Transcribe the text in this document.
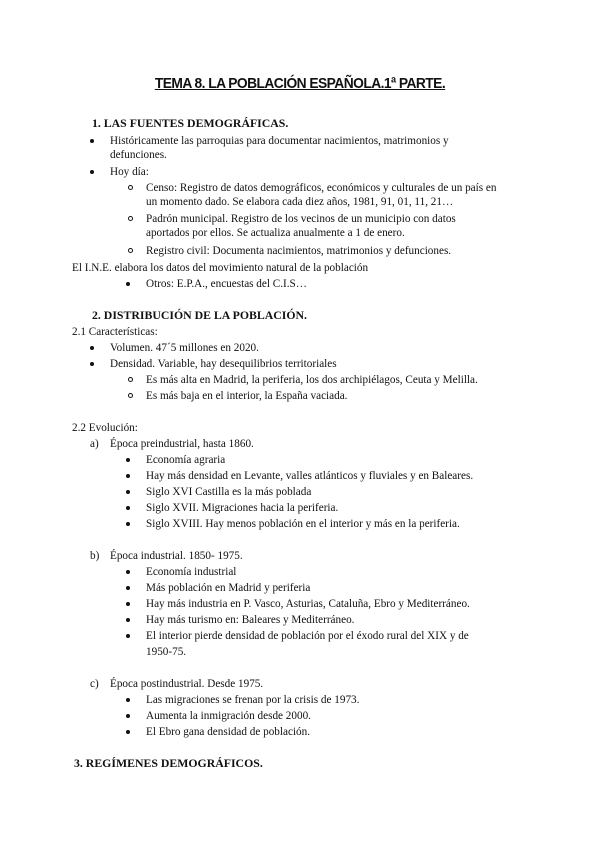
TEMA 8. LA POBLACIÓN ESPAÑOLA.1ª PARTE.
1. LAS FUENTES DEMOGRÁFICAS.
Históricamente las parroquias para documentar nacimientos, matrimonios y
defunciones.
Hoy día:
Censo: Registro de datos demográficos, económicos y culturales de un país en
un momento dado. Se elabora cada diez años, 1981, 91, 01, 11, 21…
Padrón municipal. Registro de los vecinos de un municipio con datos
aportados por ellos. Se actualiza anualmente a 1 de enero.
Registro civil: Documenta nacimientos, matrimonios y defunciones.
El I.N.E. elabora los datos del movimiento natural de la población
Otros: E.P.A., encuestas del C.I.S…
2. DISTRIBUCIÓN DE LA POBLACIÓN.
2.1 Características:
Volumen. 47´5 millones en 2020.
Densidad. Variable, hay desequilibrios territoriales
Es más alta en Madrid, la periferia, los dos archipiélagos, Ceuta y Melilla.
Es más baja en el interior, la España vaciada.
2.2 Evolución:
a) Época preindustrial, hasta 1860.
Economía agraria
Hay más densidad en Levante, valles atlánticos y fluviales y en Baleares.
Siglo XVI Castilla es la más poblada
Siglo XVII. Migraciones hacia la periferia.
Siglo XVIII. Hay menos población en el interior y más en la periferia.
b) Época industrial. 1850- 1975.
Economía industrial
Más población en Madrid y periferia
Hay más industria en P. Vasco, Asturias, Cataluña, Ebro y Mediterráneo.
Hay más turismo en: Baleares y Mediterráneo.
El interior pierde densidad de población por el éxodo rural del XIX y de
1950-75.
c) Época postindustrial. Desde 1975.
Las migraciones se frenan por la crisis de 1973.
Aumenta la inmigración desde 2000.
El Ebro gana densidad de población.
3. REGÍMENES DEMOGRÁFICOS.
